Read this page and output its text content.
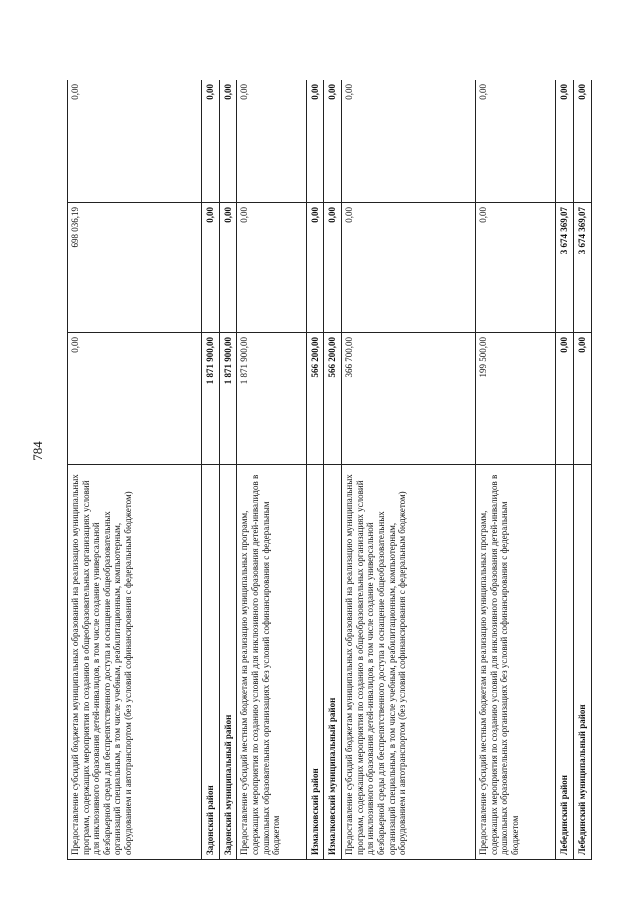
784
Предоставление субсидий бюджетам муниципальных образований на реализацию муниципальных программ, содержащих мероприятия по созданию в общеобразовательных организациях условий для инклюзивного образования детей-инвалидов, в том числе создание универсальной безбарьерной среды для беспрепятственного доступа и оснащение общеобразовательных организаций специальным, в том числе учебным, реабилитационным, компьютерным, оборудованием и автотранспортом (без условий софинансирования с федеральным бюджетом)	0,00	698 036,19	0,00
Задонский район	1 871 900,00	0,00	0,00
Задонский муниципальный район	1 871 900,00	0,00	0,00
Предоставление субсидий местным бюджетам на реализацию муниципальных программ, содержащих мероприятия по созданию условий для инклюзивного образования детей-инвалидов в дошкольных образовательных организациях без условий софинансирования с федеральным бюджетом	1 871 900,00	0,00	0,00
Измалковский район	566 200,00	0,00	0,00
Измалковский муниципальный район	566 200,00	0,00	0,00
Предоставление субсидий бюджетам муниципальных образований на реализацию муниципальных программ, содержащих мероприятия по созданию в общеобразовательных организациях условий для инклюзивного образования детей-инвалидов, в том числе создание универсальной безбарьерной среды для беспрепятственного доступа и оснащение общеобразовательных организаций специальным, в том числе учебным, реабилитационным, компьютерным, оборудованием и автотранспортом (без условий софинансирования с федеральным бюджетом)	366 700,00	0,00	0,00
Предоставление субсидий местным бюджетам на реализацию муниципальных программ, содержащих мероприятия по созданию условий для инклюзивного образования детей-инвалидов в дошкольных образовательных организациях без условий софинансирования с федеральным бюджетом	199 500,00	0,00	0,00
Лебединский район	0,00	3 674 369,07	0,00
Лебединский муниципальный район	0,00	3 674 369,07	0,00
